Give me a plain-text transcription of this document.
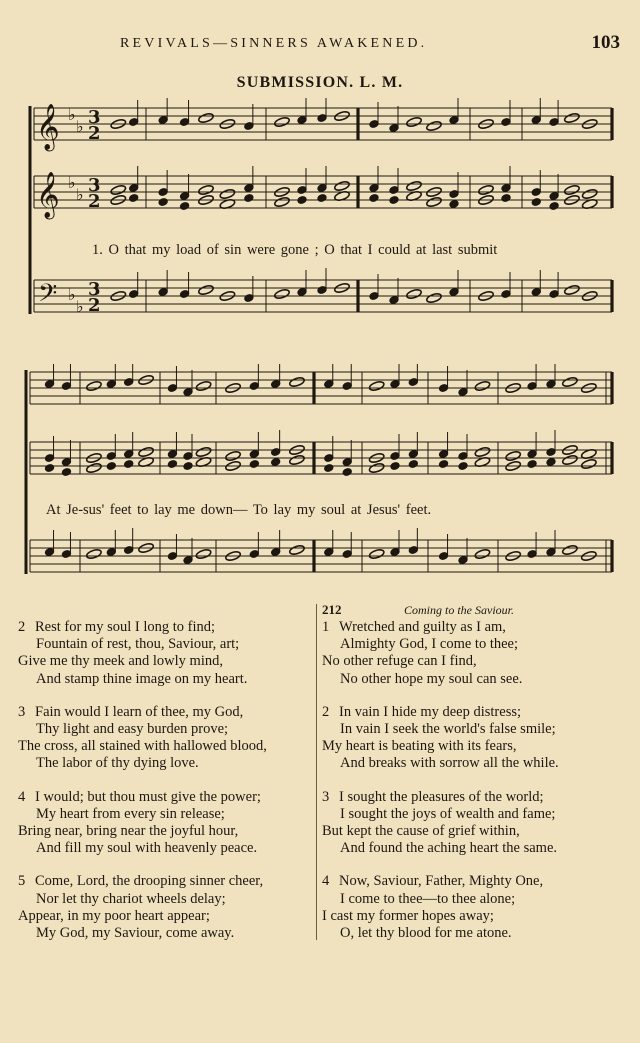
REVIVALS—SINNERS AWAKENED.	103
SUBMISSION. L. M.
𝄞 ♭
♭ 3
2
𝄞 ♭
♭ 3
2
𝄢 ♭
♭
3
2
1. O that my load of sin were gone ; O that I could at last submit
At Je-sus' feet to lay me down— To lay my soul at Jesus' feet.
2 Rest for my soul I long to find;
Fountain of rest, thou, Saviour, art;
Give me thy meek and lowly mind,
And stamp thine image on my heart.
3 Fain would I learn of thee, my God,
Thy light and easy burden prove;
The cross, all stained with hallowed blood,
The labor of thy dying love.
4 I would; but thou must give the power;
My heart from every sin release;
Bring near, bring near the joyful hour,
And fill my soul with heavenly peace.
5 Come, Lord, the drooping sinner cheer,
Nor let thy chariot wheels delay;
Appear, in my poor heart appear;
My God, my Saviour, come away.
212	Coming to the Saviour.
1 Wretched and guilty as I am,
Almighty God, I come to thee;
No other refuge can I find,
No other hope my soul can see.
2 In vain I hide my deep distress;
In vain I seek the world's false smile;
My heart is beating with its fears,
And breaks with sorrow all the while.
3 I sought the pleasures of the world;
I sought the joys of wealth and fame;
But kept the cause of grief within,
And found the aching heart the same.
4 Now, Saviour, Father, Mighty One,
I come to thee—to thee alone;
I cast my former hopes away;
O, let thy blood for me atone.
